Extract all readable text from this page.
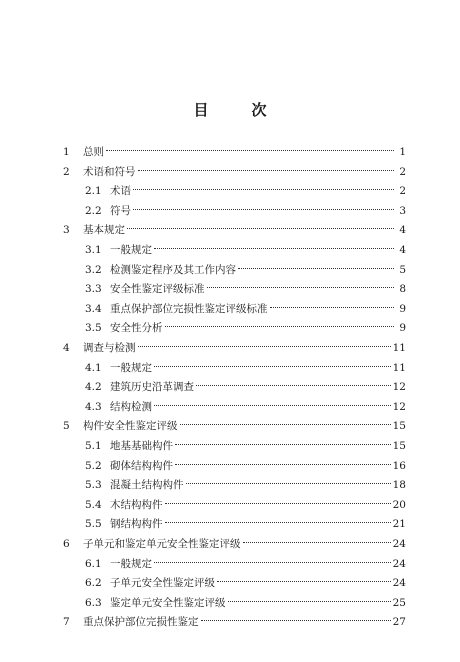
目　次
1	总则	1
2	术语和符号	2
2.1 术语	2
2.2 符号	3
3	基本规定	4
3.1 一般规定	4
3.2 检测鉴定程序及其工作内容	5
3.3 安全性鉴定评级标准	8
3.4 重点保护部位完损性鉴定评级标准	9
3.5 安全性分析	9
4	调查与检测	11
4.1 一般规定	11
4.2 建筑历史沿革调查	12
4.3 结构检测	12
5	构件安全性鉴定评级	15
5.1 地基基础构件	15
5.2 砌体结构构件	16
5.3 混凝土结构构件	18
5.4 木结构构件	20
5.5 钢结构构件	21
6	子单元和鉴定单元安全性鉴定评级	24
6.1 一般规定	24
6.2 子单元安全性鉴定评级	24
6.3 鉴定单元安全性鉴定评级	25
7	重点保护部位完损性鉴定	27
